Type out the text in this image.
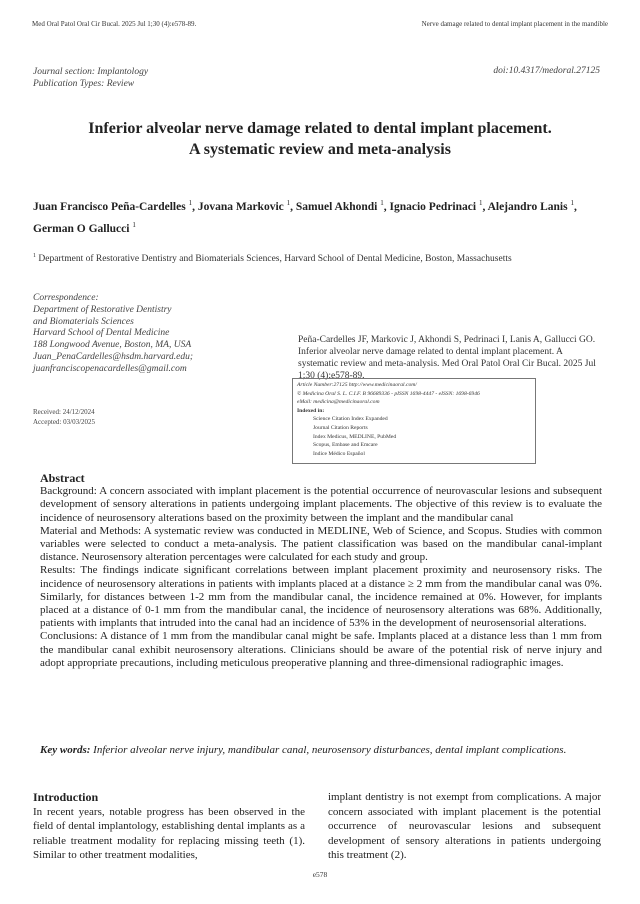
Med Oral Patol Oral Cir Bucal. 2025 Jul 1;30 (4):e578-89.	Nerve damage related to dental implant placement in the mandible
Journal section: Implantology
Publication Types: Review
doi:10.4317/medoral.27125
Inferior alveolar nerve damage related to dental implant placement.
A systematic review and meta-analysis
Juan Francisco Peña-Cardelles $^1$, Jovana Markovic $^1$, Samuel Akhondi $^1$, Ignacio Pedrinaci $^1$, Alejandro Lanis $^1$,
German O Gallucci $^1$
$^1$ Department of Restorative Dentistry and Biomaterials Sciences, Harvard School of Dental Medicine, Boston, Massachusetts
Correspondence:
Department of Restorative Dentistry
and Biomaterials Sciences
Harvard School of Dental Medicine
188 Longwood Avenue, Boston, MA, USA
Juan_PenaCardelles@hsdm.harvard.edu;
juanfranciscopenacardelles@gmail.com
Received: 24/12/2024
Accepted: 03/03/2025
Peña-Cardelles JF, Markovic J, Akhondi S, Pedrinaci I, Lanis A, Gallucci GO. Inferior alveolar nerve damage related to dental implant placement. A systematic review and meta-analysis. Med Oral Patol Oral Cir Bucal. 2025 Jul 1;30 (4):e578-89.
Article Number:27125 http://www.medicinaoral.com/
© Medicina Oral S. L. C.I.F. B 96689336 - pISSN 1698-4447 - eISSN: 1698-6946
eMail: medicina@medicinaoral.com
Indexed in:
Science Citation Index Expanded
Journal Citation Reports
Index Medicus, MEDLINE, PubMed
Scopus, Embase and Emcare
Indice Médico Español
Abstract

Background: A concern associated with implant placement is the potential occurrence of neurovascular lesions and subsequent development of sensory alterations in patients undergoing implant placements. The objective of this review is to evaluate the incidence of neurosensory alterations based on the proximity between the implant and the mandibular canal

Material and Methods: A systematic review was conducted in MEDLINE, Web of Science, and Scopus. Studies with common variables were selected to conduct a meta-analysis. The patient classification was based on the mandibular canal-implant distance. Neurosensory alteration percentages were calculated for each study and group.

Results: The findings indicate significant correlations between implant placement proximity and neurosensory risks. The incidence of neurosensory alterations in patients with implants placed at a distance ≥ 2 mm from the mandibular canal was 0%. Similarly, for distances between 1-2 mm from the mandibular canal, the incidence remained at 0%. However, for implants placed at a distance of 0-1 mm from the mandibular canal, the incidence of neurosensory alterations was 68%. Additionally, patients with implants that intruded into the canal had an incidence of 53% in the development of neurosensorial alterations.

Conclusions: A distance of 1 mm from the mandibular canal might be safe. Implants placed at a distance less than 1 mm from the mandibular canal exhibit neurosensory alterations. Clinicians should be aware of the potential risk of nerve injury and adopt appropriate precautions, including meticulous preoperative planning and three-dimensional radiographic images.

Key words: Inferior alveolar nerve injury, mandibular canal, neurosensory disturbances, dental implant complications.
Introduction
In recent years, notable progress has been observed in the field of dental implantology, establishing dental implants as a reliable treatment modality for replacing missing teeth (1). Similar to other treatment modalities,
implant dentistry is not exempt from complications. A major concern associated with implant placement is the potential occurrence of neurovascular lesions and subsequent development of sensory alterations in patients undergoing this treatment (2).
e578
